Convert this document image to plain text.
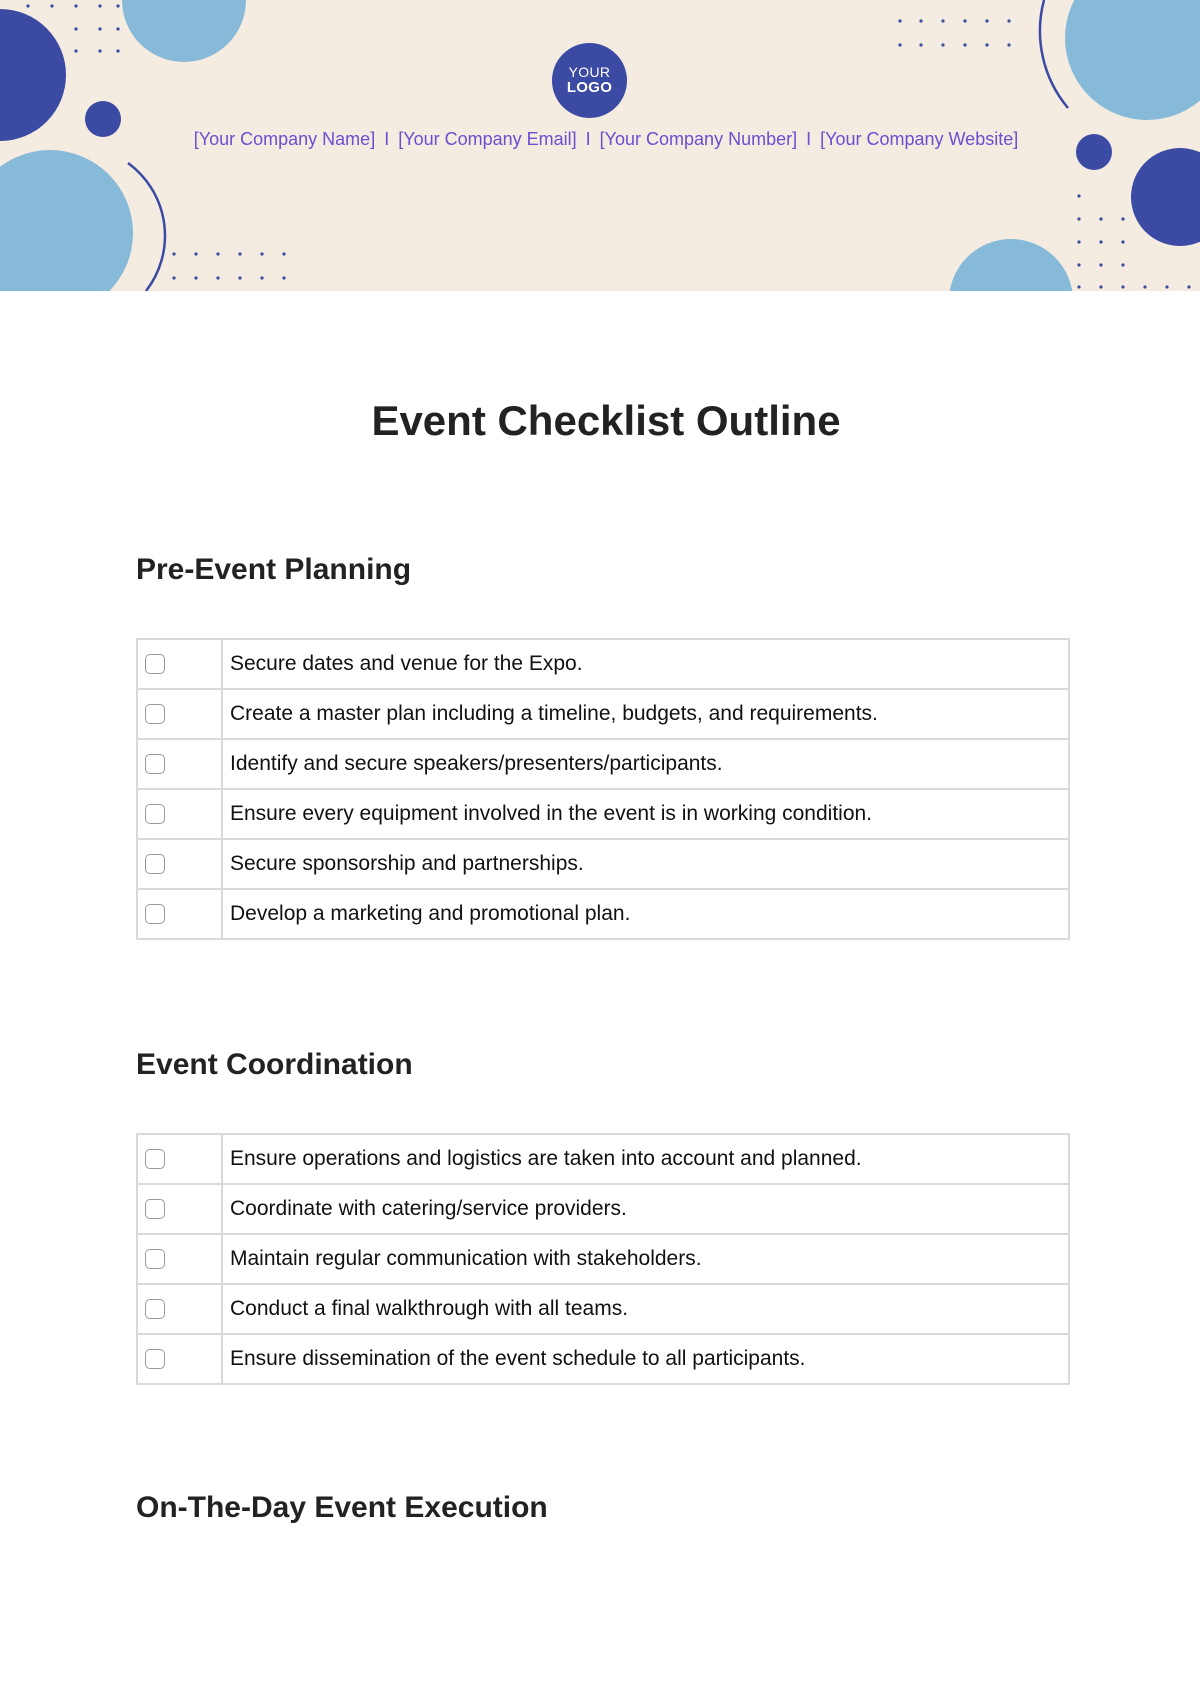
YOUR
LOGO
[Your Company Name] I [Your Company Email] I [Your Company Number] I [Your Company Website]
Event Checklist Outline
Pre-Event Planning
	Secure dates and venue for the Expo.

	Create a master plan including a timeline, budgets, and requirements.

	Identify and secure speakers/presenters/participants.

	Ensure every equipment involved in the event is in working condition.

	Secure sponsorship and partnerships.

	Develop a marketing and promotional plan.
Event Coordination
	Ensure operations and logistics are taken into account and planned.

	Coordinate with catering/service providers.

	Maintain regular communication with stakeholders.

	Conduct a final walkthrough with all teams.

	Ensure dissemination of the event schedule to all participants.
On-The-Day Event Execution
